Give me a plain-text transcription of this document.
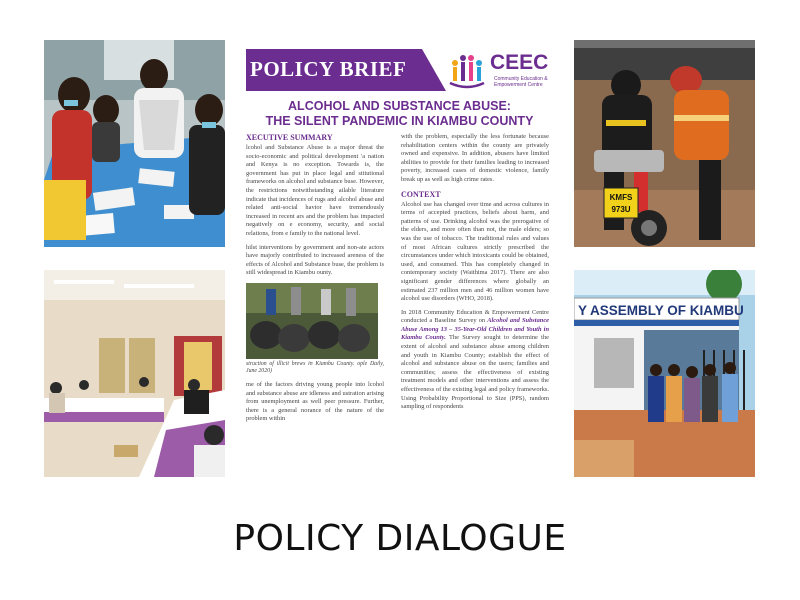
KMFS
973U
POLICY BRIEF	CEEC
Community Education & Empowerment Centre
ALCOHOL AND SUBSTANCE ABUSE:
THE SILENT PANDEMIC IN KIAMBU COUNTY
XECUTIVE SUMMARY

lcohol and Substance Abuse is a major threat the socio-economic and political development 'a nation and Kenya is no exception. Towards is, the government has put in place legal and stitutional frameworks on alcohol and substance buse. However, the restrictions notwithstanding ailable literature indicate that incidences of rugs and alcohol abuse and related anti-social havior have tremendously increased in recent ars and the problem has impacted negatively on e economy, security, and social relations, from e family to the national level.

hilst interventions by government and non-ate actors have majorly contributed to increased areness of the effects of Alcohol and Substance buse, the problem is still widespread in Kiambu ounty.

struction of illicit brews in Kiambu County. ople Daily, June 2020)

me of the factors driving young people into lcohol and substance abuse are idleness and ustration arising from unemployment as well peer pressure. Further, there is a general norance of the nature of the problem within

with the problem, especially the less fortunate because rehabilitation centers within the county are privately owned and expensive. In addition, abusers have limited abilities to provide for their families leading to increased poverty, increased cases of domestic violence, family break up as well as high crime rates.

CONTEXT

Alcohol use has changed over time and across cultures in terms of accepted practices, beliefs about harm, and patterns of use. Drinking alcohol was the prerogative of the elders, and more often than not, the male elders; so was the use of tobacco. The traditional rules and values of most African cultures strictly prescribed the circumstances under which intoxicants could be obtained, used, and consumed. This has completely changed in contemporary society (Waithima 2017). There are also significant gender differences where globally an estimated 237 million men and 46 million women have alcohol use disorders (WHO, 2018).

In 2018 Community Education & Empowerment Centre conducted a Baseline Survey on Alcohol and Substance Abuse Among 13 – 35-Year-Old Children and Youth in Kiambu County. The Survey sought to determine the extent of alcohol and substance abuse among children and youth in Kiambu County; establish the effect of alcohol and substance abuse on the users; families and communities; assess the effectiveness of existing treatment models and other interventions and assess the effectiveness of the existing legal and policy frameworks. Using Probability Proportional to Size (PPS), random sampling of respondents

Y ASSEMBLY OF KIAMBU
POLICY DIALOGUE
